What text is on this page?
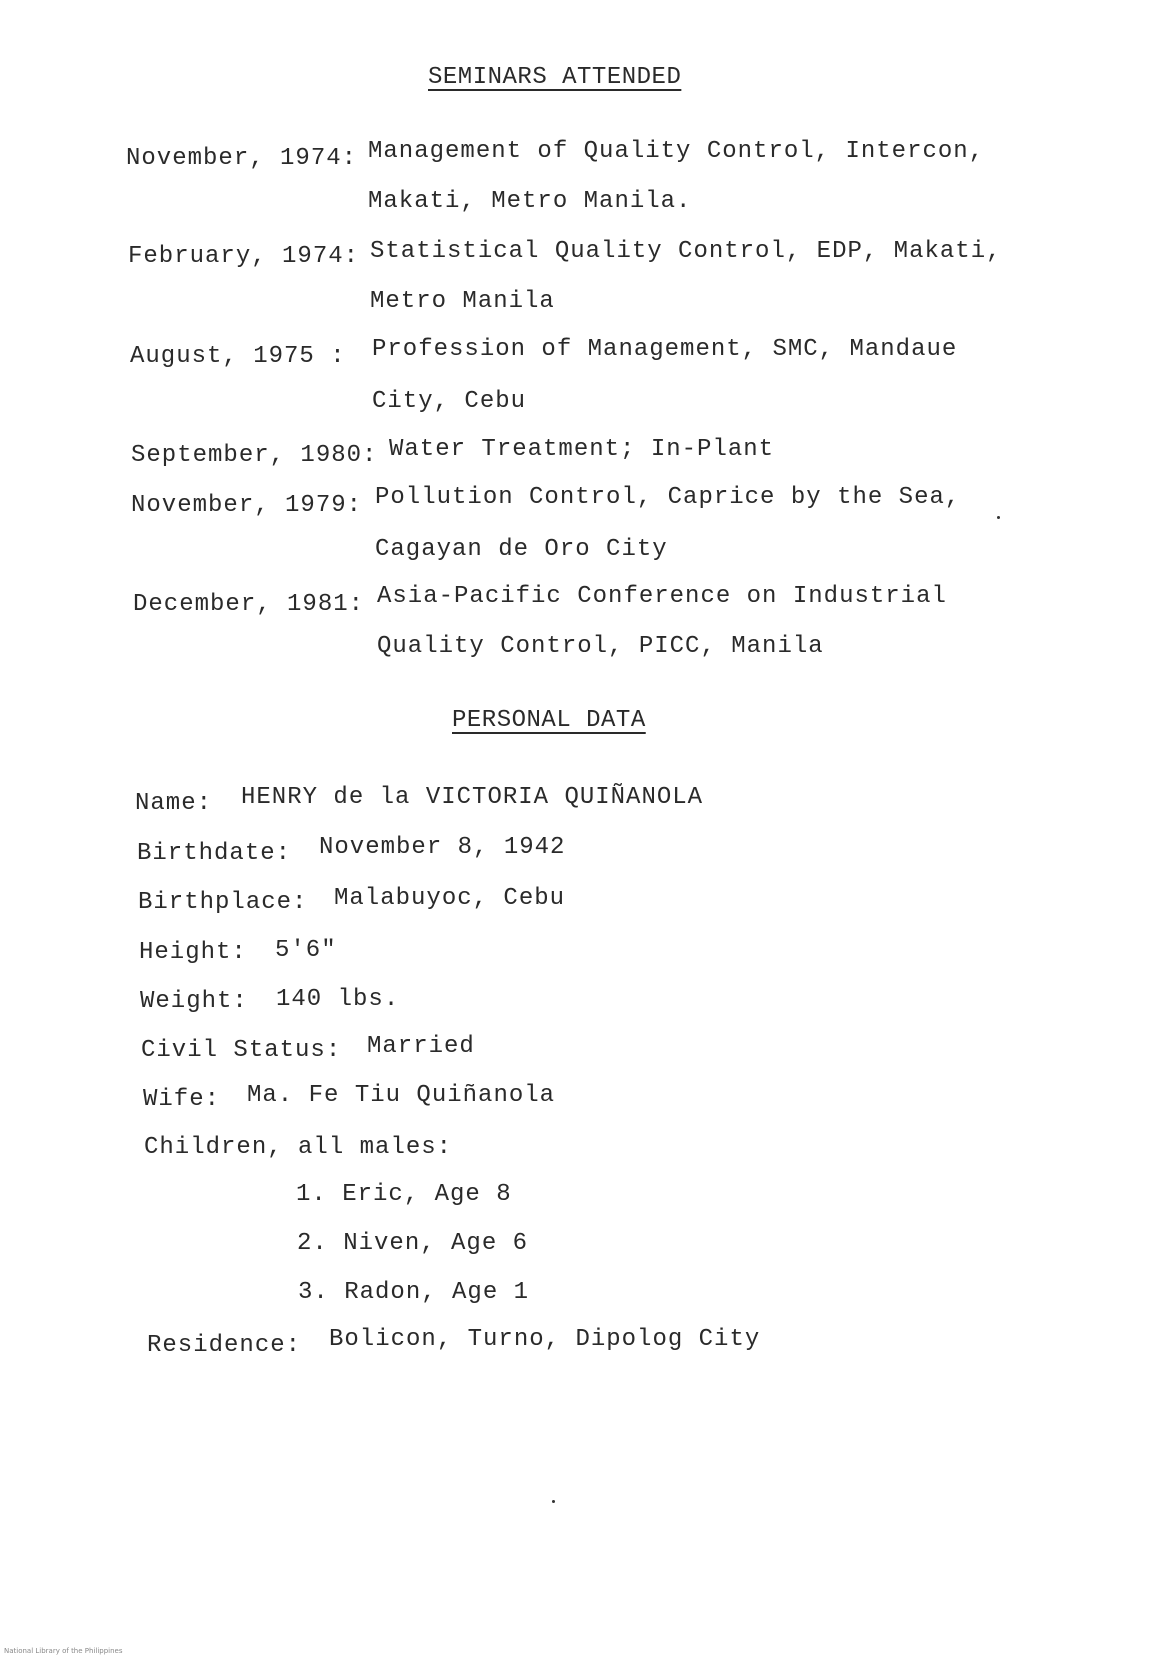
SEMINARS ATTENDED
November, 1974: Management of Quality Control, Intercon,
Makati, Metro Manila.
February, 1974: Statistical Quality Control, EDP, Makati,
Metro Manila
August, 1975 : Profession of Management, SMC, Mandaue
City, Cebu
September, 1980: Water Treatment; In-Plant
November, 1979: Pollution Control, Caprice by the Sea,
Cagayan de Oro City
December, 1981: Asia-Pacific Conference on Industrial
Quality Control, PICC, Manila
PERSONAL DATA
Name: HENRY de la VICTORIA QUIÑANOLA
Birthdate: November 8, 1942
Birthplace: Malabuyoc, Cebu
Height: 5'6"
Weight: 140 lbs.
Civil Status: Married
Wife: Ma. Fe Tiu Quiñanola
Children, all males:
1. Eric, Age 8
2. Niven, Age 6
3. Radon, Age 1
Residence: Bolicon, Turno, Dipolog City
National Library of the Philippines
